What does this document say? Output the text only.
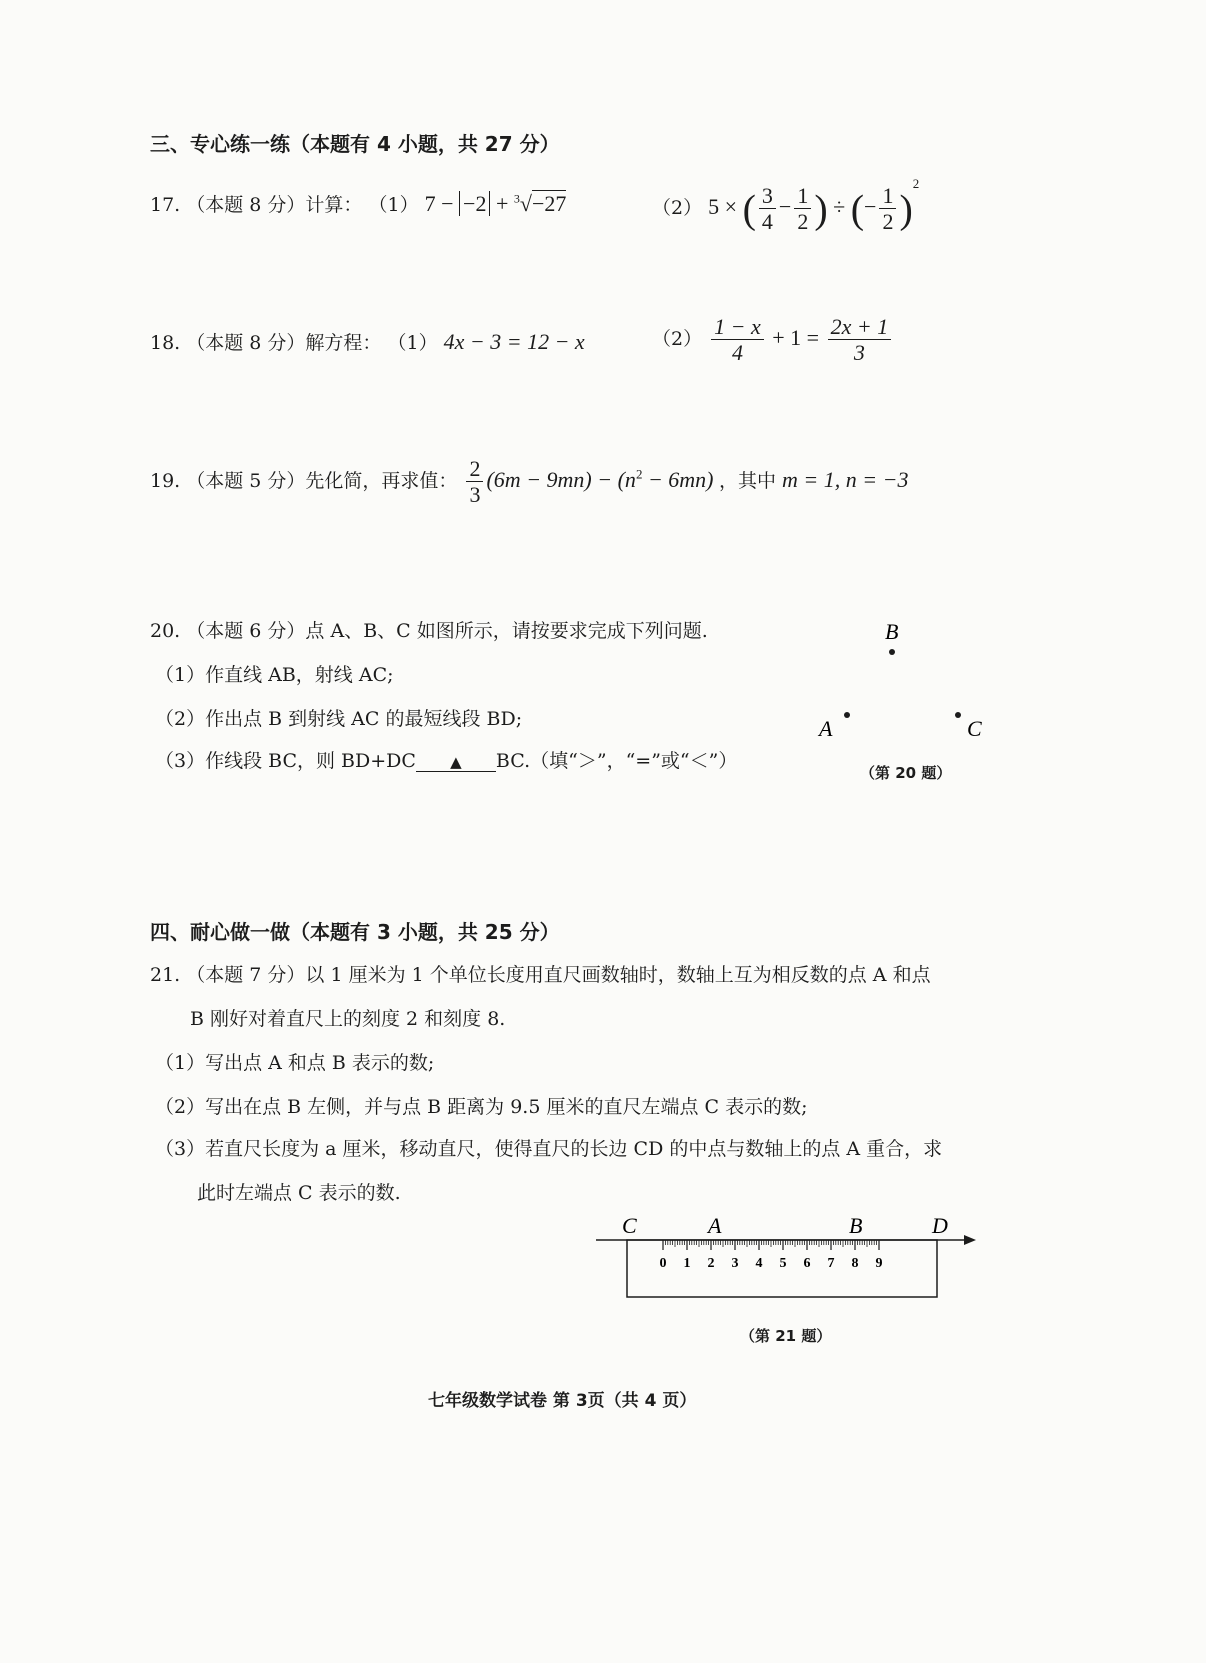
三、专心练一练（本题有 4 小题，共 27 分）
17. （本题 8 分）计算： （1） 7 − −2 + $^3$√−27	（2） 5 × ( $\frac{3}{4} - \frac{1}{2}$ ) ÷ (− $\frac{1}{2} )^2$
18. （本题 8 分）解方程： （1） 4x − 3 = 12 − x	$(2) \frac{1 - x}{4} + 1 = \frac{2x + 1}{3}$
19. （本题 5 分）先化简，再求值： $\frac{2}{3} (6m - 9mn) - (n^2 - 6mn)$ ，其中 m = 1, n = −3
20. （本题 6 分）点 A、B、C 如图所示，请按要求完成下列问题.
（1）作直线 AB，射线 AC;
（2）作出点 B 到射线 AC 的最短线段 BD;
（3）作线段 BC，则 BD+DC ▲ BC.（填“＞”，“=”或“＜”）
B
A	C
（第 20 题）
四、耐心做一做（本题有 3 小题，共 25 分）
21. （本题 7 分）以 1 厘米为 1 个单位长度用直尺画数轴时，数轴上互为相反数的点 A 和点
B 刚好对着直尺上的刻度 2 和刻度 8.
（1）写出点 A 和点 B 表示的数;
（2）写出在点 B 左侧，并与点 B 距离为 9.5 厘米的直尺左端点 C 表示的数;
（3）若直尺长度为 a 厘米，移动直尺，使得直尺的长边 CD 的中点与数轴上的点 A 重合，求
此时左端点 C 表示的数.
0 1 2 3 4 5 6 7 8 9
C	A	B	D
（第 21 题）
七年级数学试卷 第 3页（共 4 页）
